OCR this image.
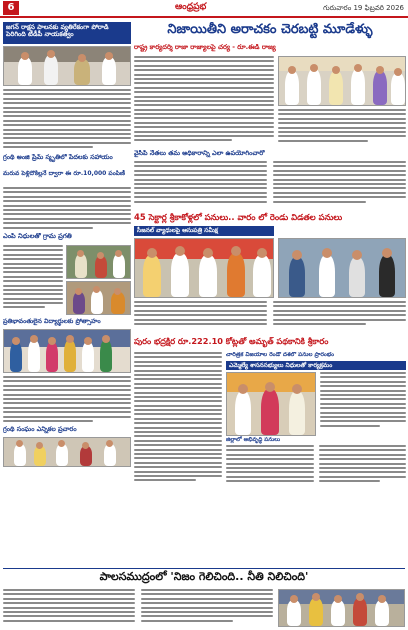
6	ఆంధ్రప్రభ	గురువారం 19 ఫిబ్రవరి 2026
జగన్ రాక్షస పాలనకు వ్యతిరేకంగా పోరాడి పెరిగింది టీడీపీ నాయకత్వం
గ్రంథి అంజి ప్రేమ్ స్మృతిలో పేదలకు సహాయం
మరువ పెళ్లిదొకిల్లనే ద్వారా ఈ రూ.10,000 పంపిణీ
ఎంపీ నిధులతో గ్రామ ప్రగతి
ప్రతిభావంతులైన విద్యార్థులకు ప్రోత్సాహం
గ్రంథి సంఘం ఎన్నికల ప్రచారం
నిజాయితీని అరాచకం చెరబట్టి మూడేళ్ళు
రాష్ట్ర కార్యదర్శి రాజా రాజ్యాలపై చర్య - రూ.ఈడీ రాజ్య
వైసీపీ నేతలు తమ అధికారాన్ని ఎలా ఉపయోగించారో
45 సెక్టార్ల శ్రీకాకోళ్లలో పనులు.. వారం లో రెండు విడతల పనులు
సీజనల్ వ్యాధులపై ఆసుపత్రి సమీక్ష
పురం భద్రక్షిర రూ.222.10 కోట్లతో అమృత్ పథకానికి శ్రీకారం
చారిత్రక విజయాల రెండో దశలో పనుల ప్రారంభం
ఎమ్మెల్యే శాసనసభ్యులు నిధులతో కార్యక్రమం
జిల్లాలో అభివృద్ధి పనులు
పాలసముద్రంలో 'నిజం గెలిచింది.. నీతి నిలిచింది'
